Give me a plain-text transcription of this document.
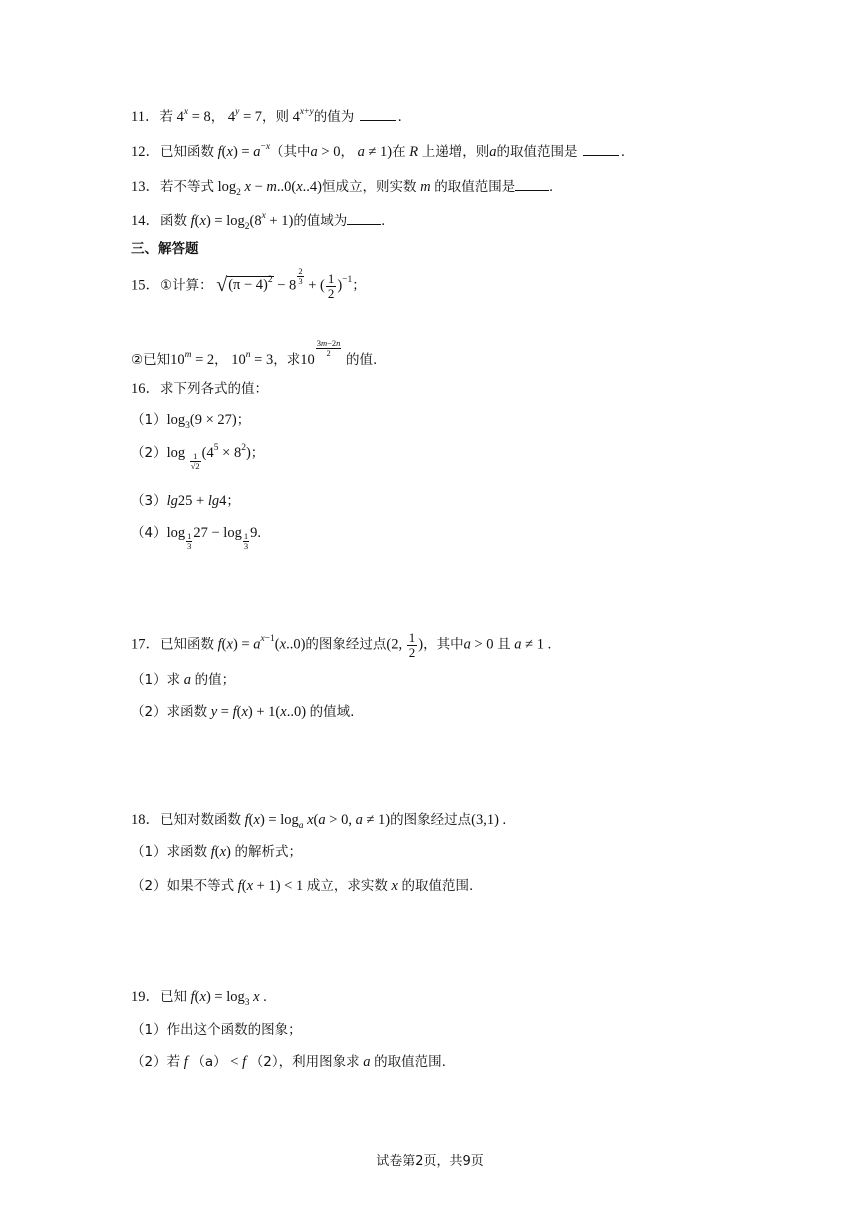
11．若 $4^x = 8$， $4^y = 7$，则 $4^{x+y}$的值为	.
12．已知函数 $f(x) = a^{-x}$（其中a > 0， a ≠ 1)在 R 上递增，则a的取值范围是	.
13．若不等式 $\log_2 x - m..0(x..4)$恒成立，则实数 m 的取值范围是 .
14．函数 $f(x) = \log_2(8^x + 1)$的值域为 .
三、解答题
15．①计算： $√(\pi - 4)^2 - 8 \frac{2}{3}$ + ( $\frac{1}{2} )^{-1}$；
②已知$10^m = 2$， $10^n = 3$，求10
$\frac{3m-2n}{2}$
的值.
16．求下列各式的值：
$(1)\log_3(9 \times 27)$；
$(2)\log \frac{1}{√2} (4^5 \times 8^2)$；
（3）lg25 + lg4；
$(4)\log \frac{1}{3} 27 - \log \frac{1}{3} 9$.
17．已知函数 $f(x) = a^{x-1}(x..0)$的图象经过点(2, $\frac{1}{2}$ )，其中a > 0 且 a ≠ 1 .
（1）求 a 的值；
（2）求函数 y = f(x) + 1(x..0) 的值域.
18．已知对数函数 $f(x) = \log_a x(a > 0$, a ≠ 1)的图象经过点(3,1) .
（1）求函数 f(x) 的解析式；
（2）如果不等式 f(x + 1) < 1 成立，求实数 x 的取值范围.
19．已知 $f(x) = \log_3 x$ .
（1）作出这个函数的图象；
（2）若 f （a） < f （2），利用图象求 a 的取值范围.
试卷第2页，共9页
